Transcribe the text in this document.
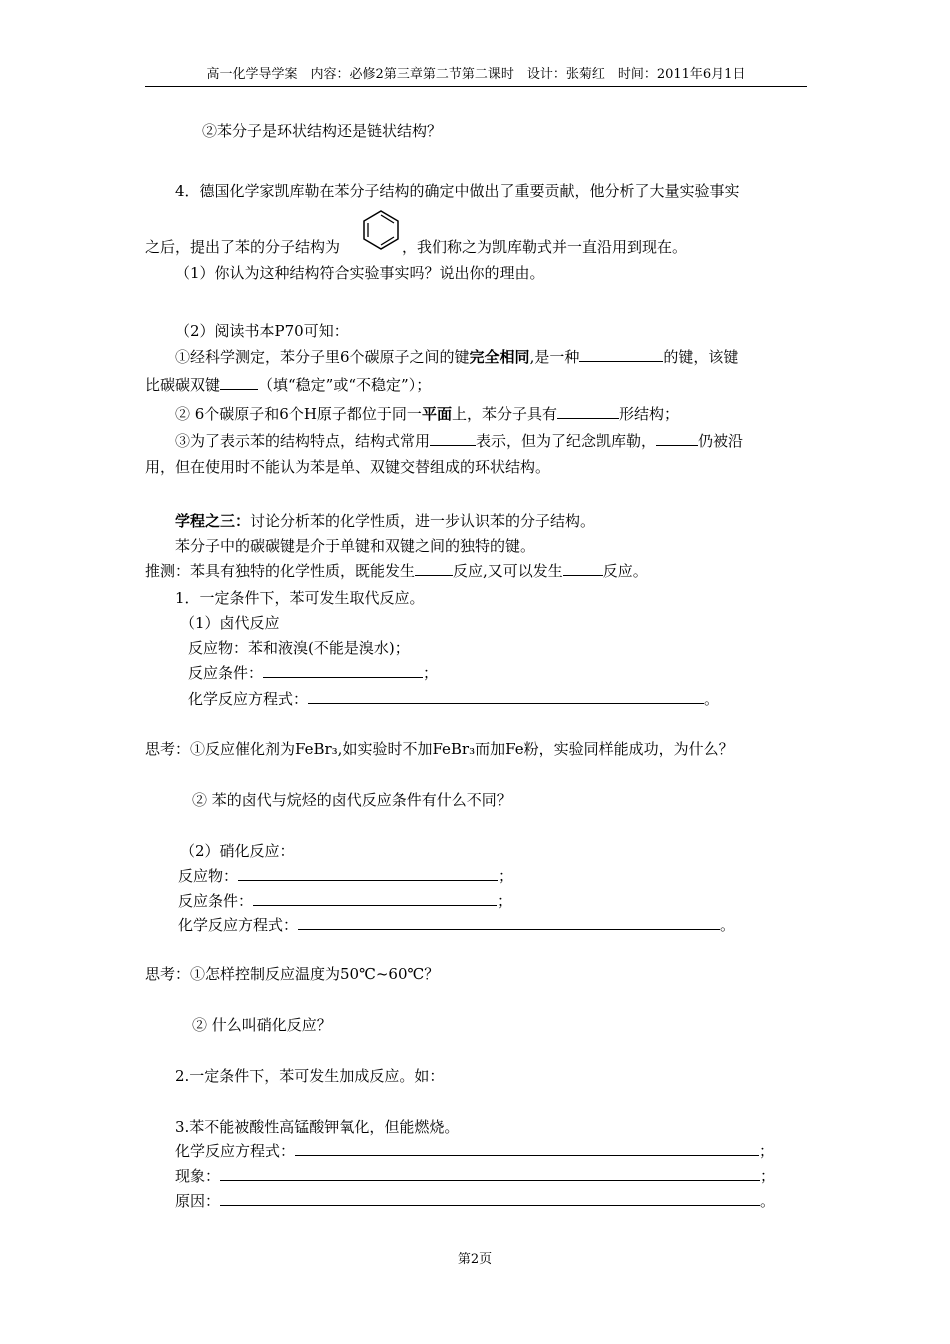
高一化学导学案　内容：必修2第三章第二节第二课时　设计：张菊红　时间：2011年6月1日
②苯分子是环状结构还是链状结构？
4．德国化学家凯库勒在苯分子结构的确定中做出了重要贡献，他分析了大量实验事实
之后，提出了苯的分子结构为	，我们称之为凯库勒式并一直沿用到现在。
（1）你认为这种结构符合实验事实吗？说出你的理由。
（2）阅读书本P70可知：
①经科学测定，苯分子里6个碳原子之间的键完全相同,是一种	的键，该键
比碳碳双键	（填“稳定”或“不稳定”）；
② 6个碳原子和6个H原子都位于同一平面上，苯分子具有	形结构；
③为了表示苯的结构特点，结构式常用	表示，但为了纪念凯库勒，	仍被沿
用，但在使用时不能认为苯是单、双键交替组成的环状结构。
学程之三：讨论分析苯的化学性质，进一步认识苯的分子结构。
苯分子中的碳碳键是介于单键和双键之间的独特的键。
推测：苯具有独特的化学性质，既能发生	反应,又可以发生	反应。
1．一定条件下，苯可发生取代反应。
（1）卤代反应
反应物：苯和液溴(不能是溴水)；
反应条件：	；
化学反应方程式：	。
思考：①反应催化剂为FeBr₃,如实验时不加FeBr₃而加Fe粉，实验同样能成功，为什么？
② 苯的卤代与烷烃的卤代反应条件有什么不同？
（2）硝化反应：
反应物：	；
反应条件：	；
化学反应方程式：	。
思考：①怎样控制反应温度为50℃~60℃？
② 什么叫硝化反应？
2.一定条件下，苯可发生加成反应。如：
3.苯不能被酸性高锰酸钾氧化，但能燃烧。
化学反应方程式：	；
现象：	；
原因：	。
第2页
